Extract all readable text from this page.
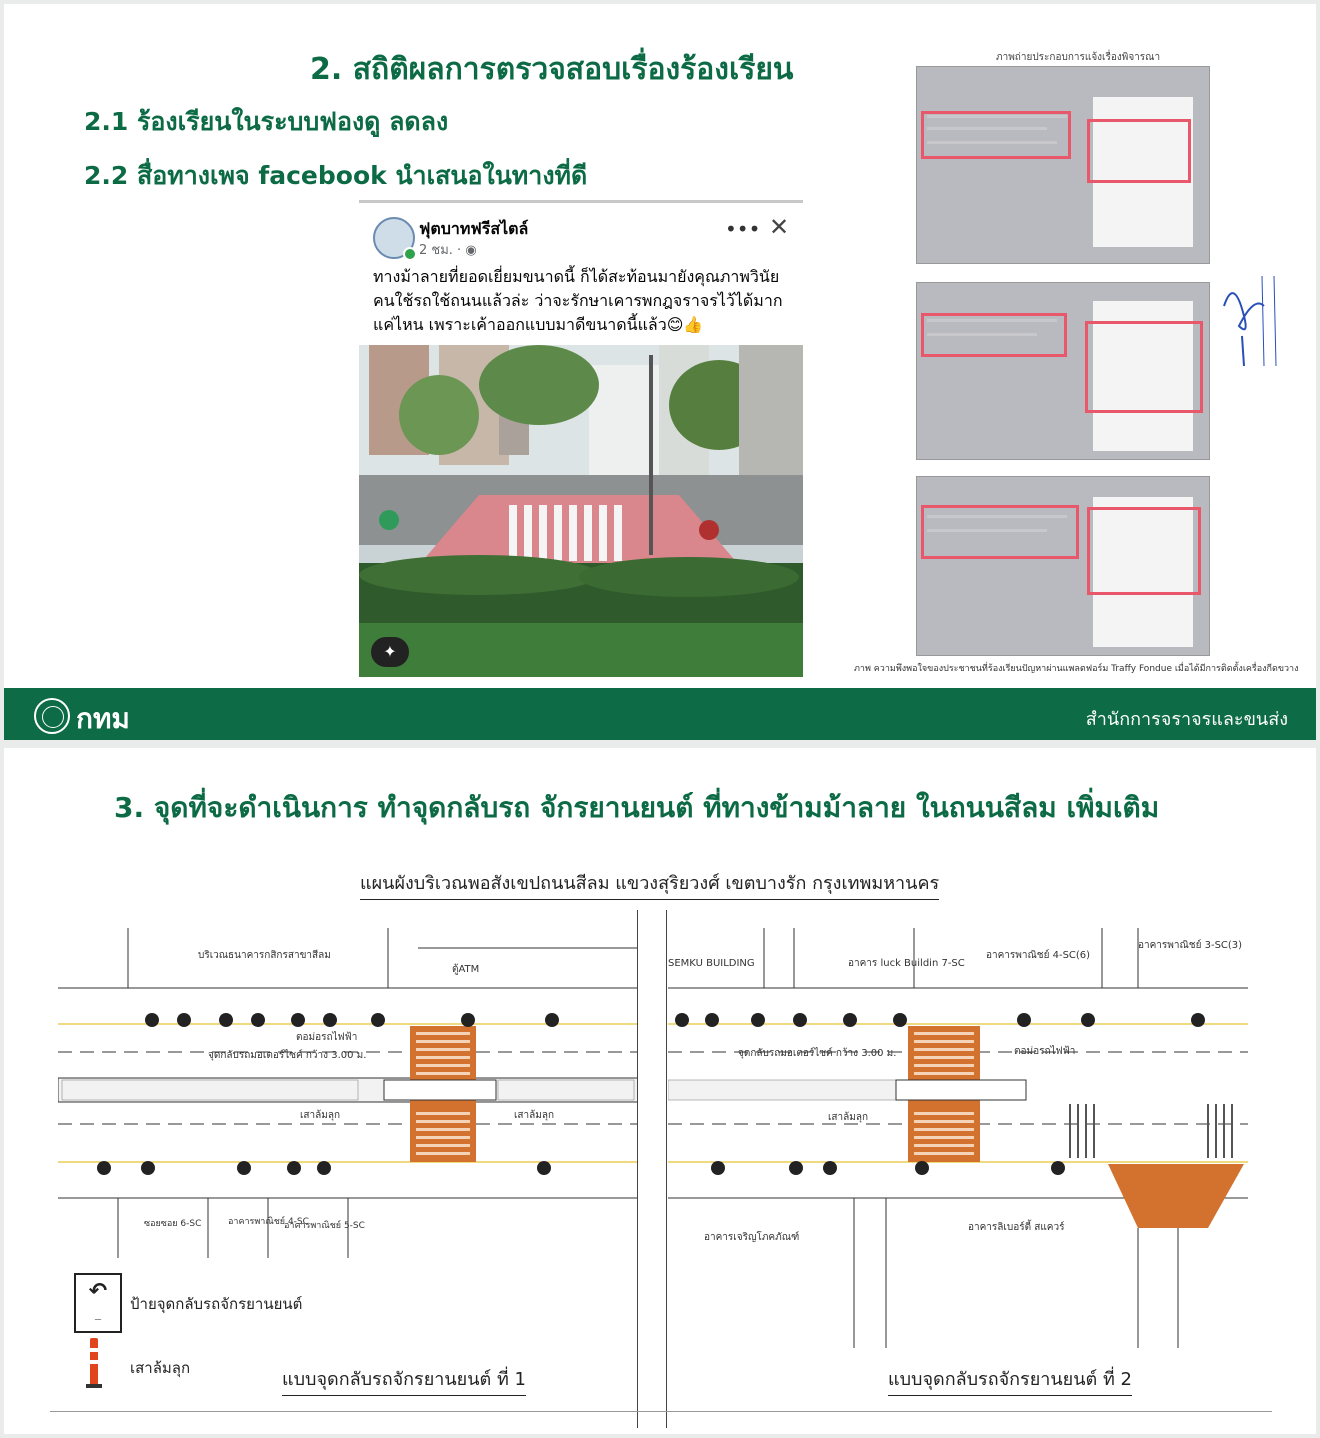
2. สถิติผลการตรวจสอบเรื่องร้องเรียน
2.1 ร้องเรียนในระบบฟองดู ลดลง
2.2 สื่อทางเพจ facebook นำเสนอในทางที่ดี
ฟุตบาทฟรีสไตล์
2 ชม. · ◉
••• ✕
ทางม้าลายที่ยอดเยี่ยมขนาดนี้ ก็ได้สะท้อนมายังคุณภาพวินัยคนใช้รถใช้ถนนแล้วล่ะ ว่าจะรักษาเคารพกฎจราจรไว้ได้มากแค่ไหน เพราะเค้าออกแบบมาดีขนาดนี้แล้ว😊👍
✦
ภาพถ่ายประกอบการแจ้งเรื่องพิจารณา
ภาพ ความพึงพอใจของประชาชนที่ร้องเรียนปัญหาผ่านแพลตฟอร์ม Traffy Fondue เมื่อได้มีการติดตั้งเครื่องกีดขวาง
กทม	สำนักการจราจรและขนส่ง
3. จุดที่จะดำเนินการ ทำจุดกลับรถ จักรยานยนต์ ที่ทางข้ามม้าลาย ในถนนสีลม เพิ่มเติม
แผนผังบริเวณพอสังเขปถนนสีลม แขวงสุริยวงศ์ เขตบางรัก กรุงเทพมหานคร
บริเวณธนาคารกสิกรสาขาสีลม
ตู้ATM
ตอม่อรถไฟฟ้า
จุดกลับรถมอเตอร์ไซค์ กว้าง 3.00 ม.
เสาล้มลุก	เสาล้มลุก
อาคารพาณิชย์ 4-SC
อาคารพาณิชย์ 5-SC
ซอยซอย 6-SC
SEMKU BUILDING	อาคาร luck Buildin 7-SC
อาคารพาณิชย์ 4-SC(6)
อาคารพาณิชย์ 3-SC(3)
ตอม่อรถไฟฟ้า
จุดกลับรถมอเตอร์ไซค์ กว้าง 3.00 ม.
เสาล้มลุก
อาคารเจริญโภคภัณฑ์
อาคารลิเบอร์ตี้ สแควร์
↶
—
ป้ายจุดกลับรถจักรยานยนต์
เสาล้มลุก
แบบจุดกลับรถจักรยานยนต์ ที่ 1	แบบจุดกลับรถจักรยานยนต์ ที่ 2
